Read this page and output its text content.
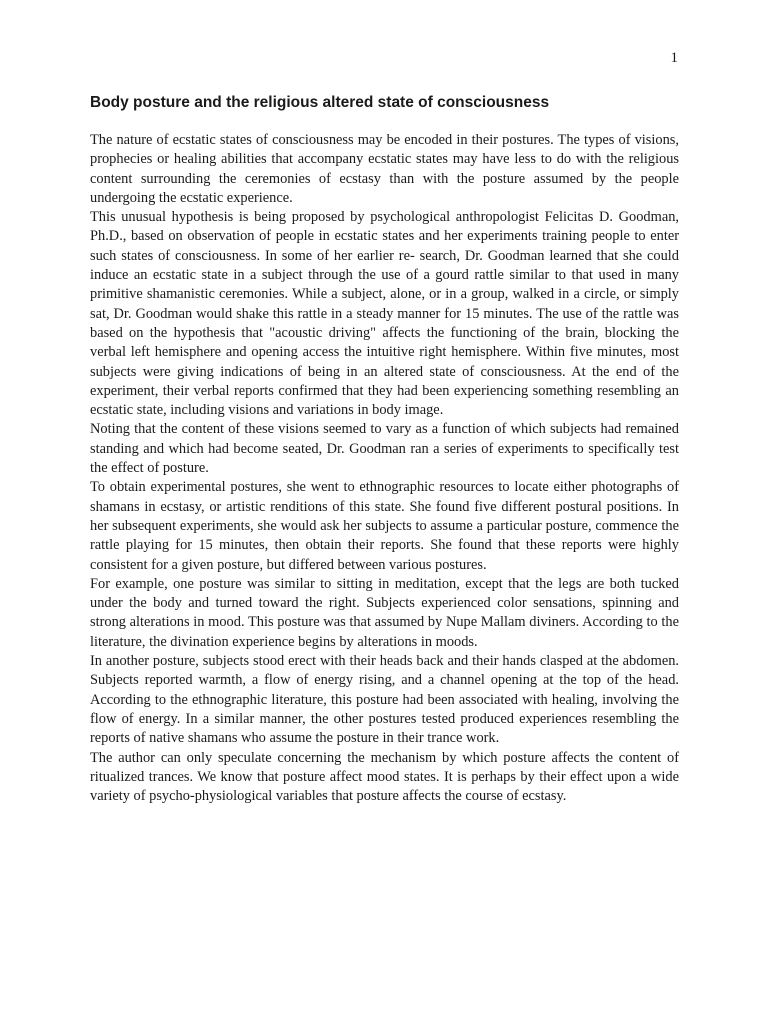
1
Body posture and the religious altered state of consciousness

The nature of ecstatic states of consciousness may be encoded in their postures. The types of visions, prophecies or healing abilities that accompany ecstatic states may have less to do with the religious content surrounding the ceremonies of ecstasy than with the posture assumed by the people undergoing the ecstatic experience.

This unusual hypothesis is being proposed by psychological anthropologist Felicitas D. Goodman, Ph.D., based on observation of people in ecstatic states and her experiments training people to enter such states of consciousness. In some of her earlier re- search, Dr. Goodman learned that she could induce an ecstatic state in a subject through the use of a gourd rattle similar to that used in many primitive shamanistic ceremonies. While a subject, alone, or in a group, walked in a circle, or simply sat, Dr. Goodman would shake this rattle in a steady manner for 15 minutes. The use of the rattle was based on the hypothesis that "acoustic driving" affects the functioning of the brain, blocking the verbal left hemisphere and opening access the intuitive right hemisphere. Within five minutes, most subjects were giving indications of being in an altered state of consciousness. At the end of the experiment, their verbal reports confirmed that they had been experiencing something resembling an ecstatic state, including visions and variations in body image.

Noting that the content of these visions seemed to vary as a function of which subjects had remained standing and which had become seated, Dr. Goodman ran a series of experiments to specifically test the effect of posture.

To obtain experimental postures, she went to ethnographic resources to locate either photographs of shamans in ecstasy, or artistic renditions of this state. She found five different postural positions. In her subsequent experiments, she would ask her subjects to assume a particular posture, commence the rattle playing for 15 minutes, then obtain their reports. She found that these reports were highly consistent for a given posture, but differed between various postures.

For example, one posture was similar to sitting in meditation, except that the legs are both tucked under the body and turned toward the right. Subjects experienced color sensations, spinning and strong alterations in mood. This posture was that assumed by Nupe Mallam diviners. According to the literature, the divination experience begins by alterations in moods.

In another posture, subjects stood erect with their heads back and their hands clasped at the abdomen. Subjects reported warmth, a flow of energy rising, and a channel opening at the top of the head. According to the ethnographic literature, this posture had been associated with healing, involving the flow of energy. In a similar manner, the other postures tested produced experiences resembling the reports of native shamans who assume the posture in their trance work.

The author can only speculate concerning the mechanism by which posture affects the content of ritualized trances. We know that posture affect mood states. It is perhaps by their effect upon a wide variety of psycho-physiological variables that posture affects the course of ecstasy.
